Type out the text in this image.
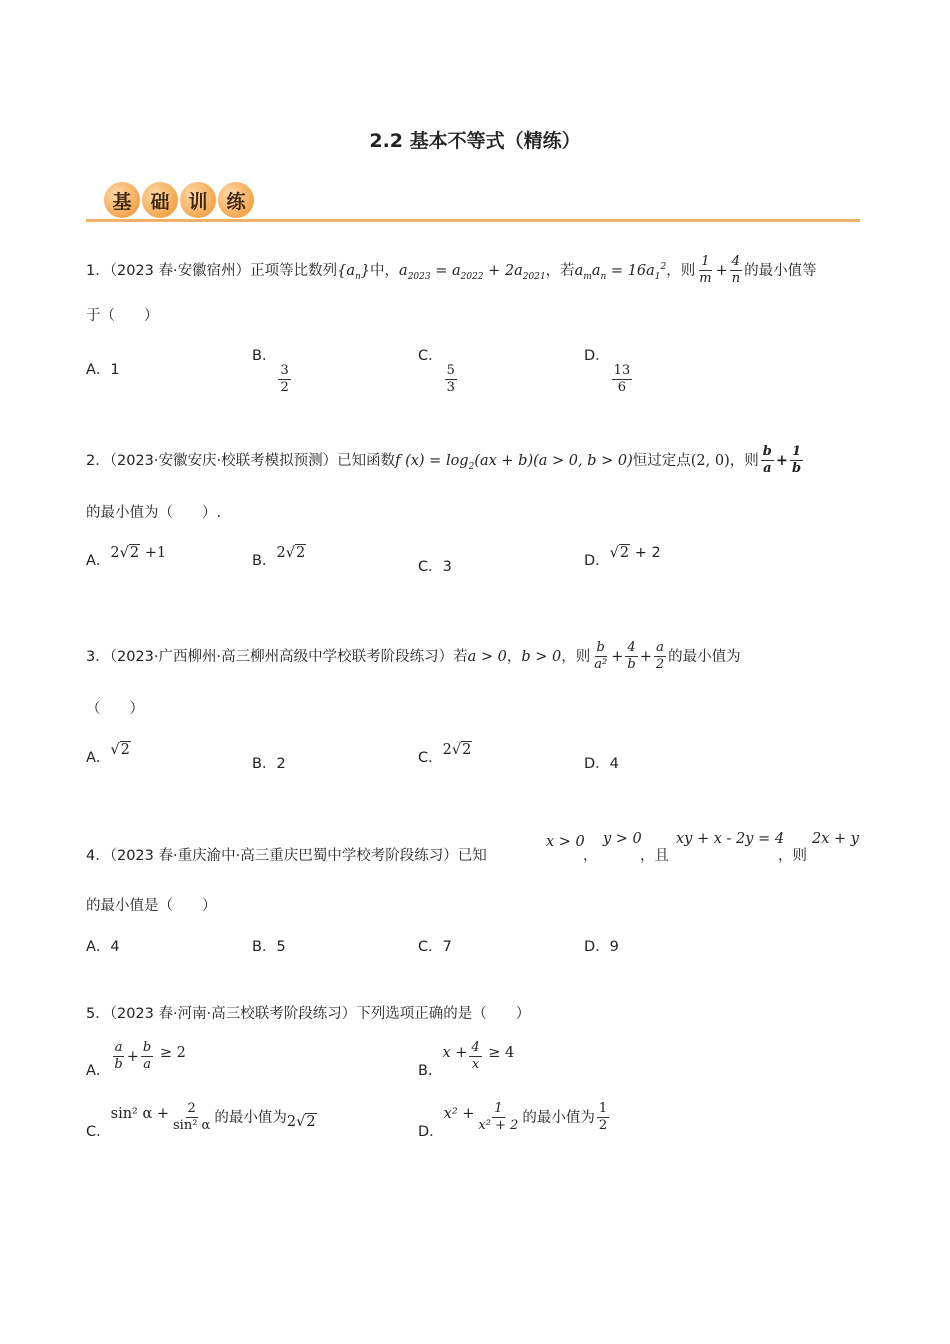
2.2 基本不等式（精练）
基 础 训 练
1．（2023 春·安徽宿州）正项等比数列$\{a_n\}$中，$a_{2023} = a_{2022} + 2a_{2021}$，若$a_ma_n = 16a_1^2$，则 $\frac{1}{m} + \frac{4}{n}$ 的最小值等
于（　　）
A．1
B．
$\frac{3}{2}$
C．
$\frac{5}{3}$
D．
$\frac{13}{6}$
2．（2023·安徽安庆·校联考模拟预测）已知函数f $(x) = \log_2(ax + b)(a > 0$, b > 0)恒过定点(2, 0)，则 $\frac{b}{a} + \frac{1}{b}$
的最小值为（　　）.
A．2√2 +1	B．2√2
C．3	D．√2 + 2
3．（2023·广西柳州·高三柳州高级中学校联考阶段练习）若a > 0，b > 0，则 $\frac{b}{\text{a²}} + \frac{4}{b} + \frac{a}{2}$ 的最小值为
（　　）
A．√2
B．2	C．2√2
D．4
4．（2023 春·重庆渝中·高三重庆巴蜀中学校考阶段练习）已知
x > 0
，
y > 0
，且
xy + x - 2y = 4
，则
2x + y
的最小值是（　　）
A．4	B．5	C．7	D．9
5．（2023 春·河南·高三校联考阶段练习）下列选项正确的是（　　）
A． $\frac{a}{b} + \frac{b}{a} \ge 2$
B．$x + \frac{4}{x} \ge 4$
C．sin² $\alpha + \frac{2}{\text{sin² α}}$ 的最小值为2√2
D．$x^2 + \frac{1}{\text{x² + 2}}$ 的最小值为 $\frac{1}{2}$
